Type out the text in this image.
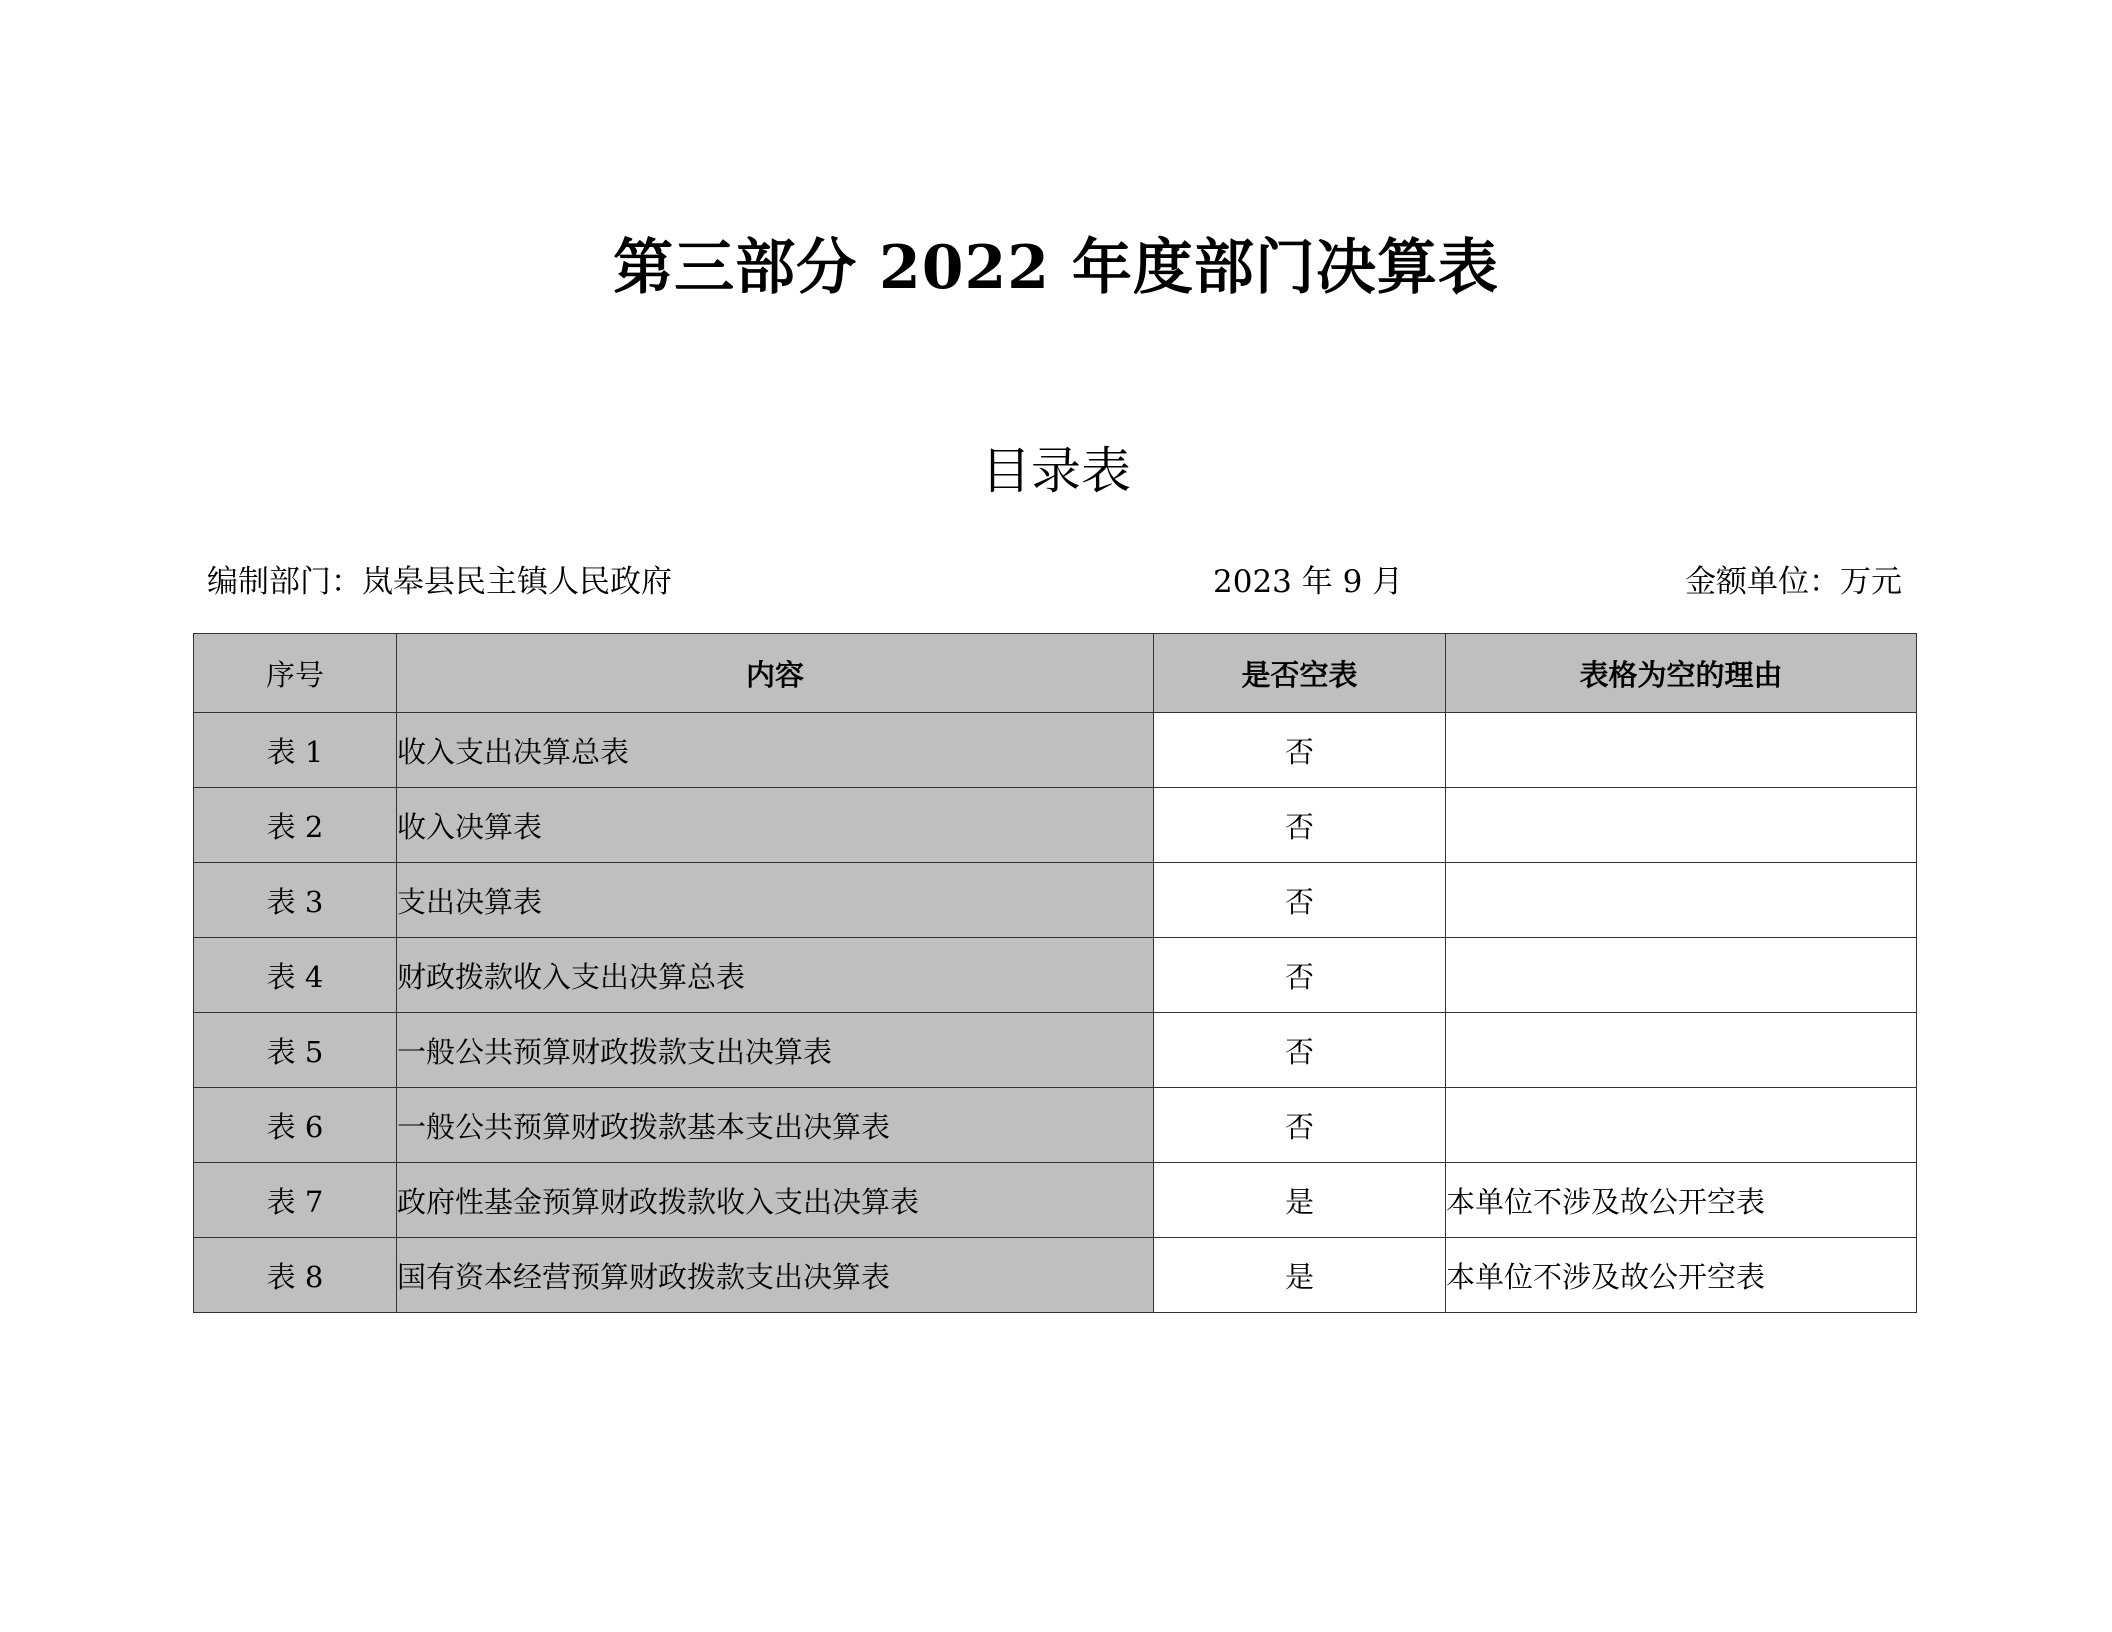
第三部分 2022 年度部门决算表
目录表
编制部门：岚皋县民主镇人民政府	2023 年 9 月	金额单位：万元
序号	内容	是否空表	表格为空的理由
表 1	收入支出决算总表	否	
表 2	收入决算表	否	
表 3	支出决算表	否	
表 4	财政拨款收入支出决算总表	否	
表 5	一般公共预算财政拨款支出决算表	否	
表 6	一般公共预算财政拨款基本支出决算表	否	
表 7	政府性基金预算财政拨款收入支出决算表	是	本单位不涉及故公开空表
表 8	国有资本经营预算财政拨款支出决算表	是	本单位不涉及故公开空表
